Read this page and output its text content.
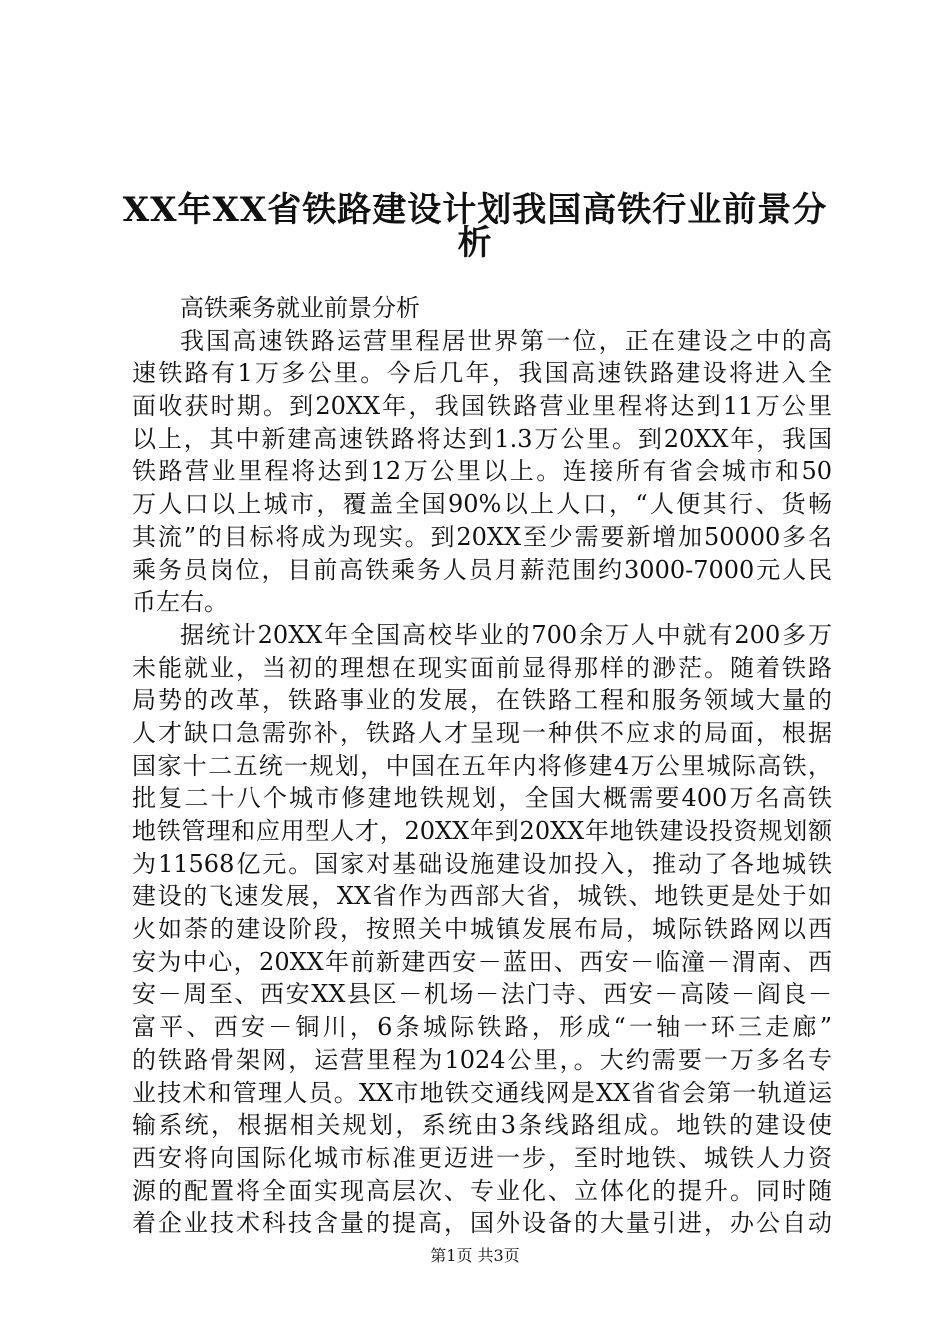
XX年XX省铁路建设计划我国高铁行业前景分
析
高铁乘务就业前景分析
我国高速铁路运营里程居世界第一位，正在建设之中的高
速铁路有1万多公里。今后几年，我国高速铁路建设将进入全
面收获时期。到20XX年，我国铁路营业里程将达到11万公里
以上，其中新建高速铁路将达到1.3万公里。到20XX年，我国
铁路营业里程将达到12万公里以上。连接所有省会城市和50
万人口以上城市，覆盖全国90%以上人口，“人便其行、货畅
其流”的目标将成为现实。到20XX至少需要新增加50000多名
乘务员岗位，目前高铁乘务人员月薪范围约3000-7000元人民
币左右。
据统计20XX年全国高校毕业的700余万人中就有200多万
未能就业，当初的理想在现实面前显得那样的渺茫。随着铁路
局势的改革，铁路事业的发展，在铁路工程和服务领域大量的
人才缺口急需弥补，铁路人才呈现一种供不应求的局面，根据
国家十二五统一规划，中国在五年内将修建4万公里城际高铁，
批复二十八个城市修建地铁规划，全国大概需要400万名高铁
地铁管理和应用型人才，20XX年到20XX年地铁建设投资规划额
为11568亿元。国家对基础设施建设加投入，推动了各地城铁
建设的飞速发展，XX省作为西部大省，城铁、地铁更是处于如
火如荼的建设阶段，按照关中城镇发展布局，城际铁路网以西
安为中心，20XX年前新建西安－蓝田、西安－临潼－渭南、西
安－周至、西安XX县区－机场－法门寺、西安－高陵－阎良－
富平、西安－铜川，6条城际铁路，形成“一轴一环三走廊”
的铁路骨架网，运营里程为1024公里，。大约需要一万多名专
业技术和管理人员。XX市地铁交通线网是XX省省会第一轨道运
输系统，根据相关规划，系统由3条线路组成。地铁的建设使
西安将向国际化城市标准更迈进一步，至时地铁、城铁人力资
源的配置将全面实现高层次、专业化、立体化的提升。同时随
着企业技术科技含量的提高，国外设备的大量引进，办公自动
第1页 共3页
